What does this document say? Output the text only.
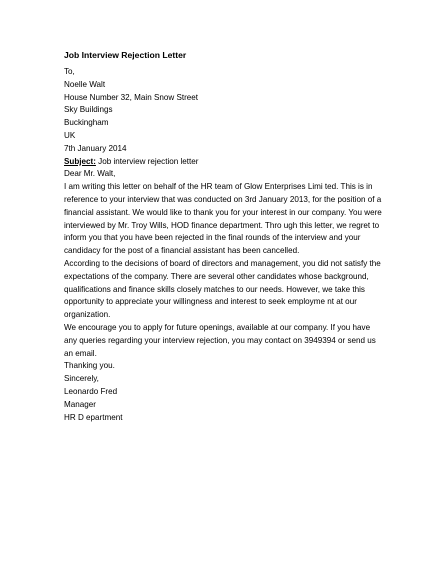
Job Interview Rejection Letter
To,
Noelle Walt
House Number 32, Main Snow Street
Sky Buildings
Buckingham
UK
7th January 2014
Subject: Job interview rejection letter
Dear Mr. Walt,
I am writing this letter on behalf of the HR team of Glow Enterprises Limi ted. This is in
reference to your interview that was conducted on 3rd January 2013, for the position of a
financial assistant. We would like to thank you for your interest in our company. You were
interviewed by Mr. Troy Wills, HOD finance department. Thro ugh this letter, we regret to
inform you that you have been rejected in the final rounds of the interview and your
candidacy for the post of a financial assistant has been cancelled.
According to the decisions of board of directors and management, you did not satisfy the
expectations of the company. There are several other candidates whose background,
qualifications and finance skills closely matches to our needs. However, we take this
opportunity to appreciate your willingness and interest to seek employme nt at our
organization.
We encourage you to apply for future openings, available at our company. If you have
any queries regarding your interview rejection, you may contact on 3949394 or send us
an email.
Thanking you.
Sincerely,
Leonardo Fred
Manager
HR D epartment
